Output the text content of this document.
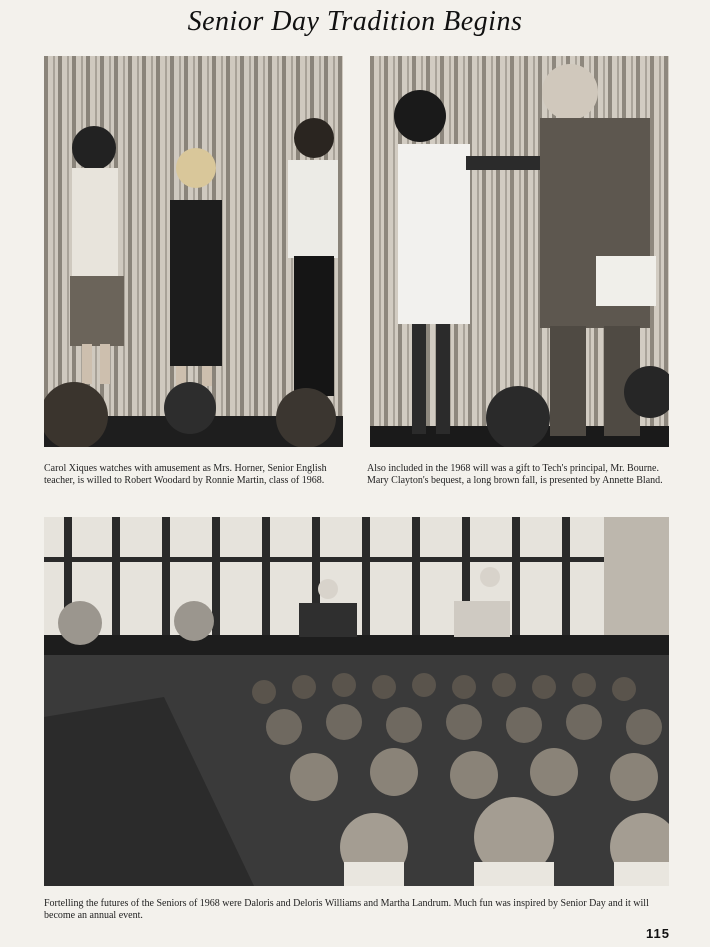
Senior Day Tradition Begins
Carol Xiques watches with amusement as Mrs. Horner, Senior English teacher, is willed to Robert Woodard by Ronnie Martin, class of 1968.
Also included in the 1968 will was a gift to Tech's principal, Mr. Bourne. Mary Clayton's bequest, a long brown fall, is presented by Annette Bland.
Fortelling the futures of the Seniors of 1968 were Daloris and Deloris Williams and Martha Landrum. Much fun was inspired by Senior Day and it will become an annual event.
115
